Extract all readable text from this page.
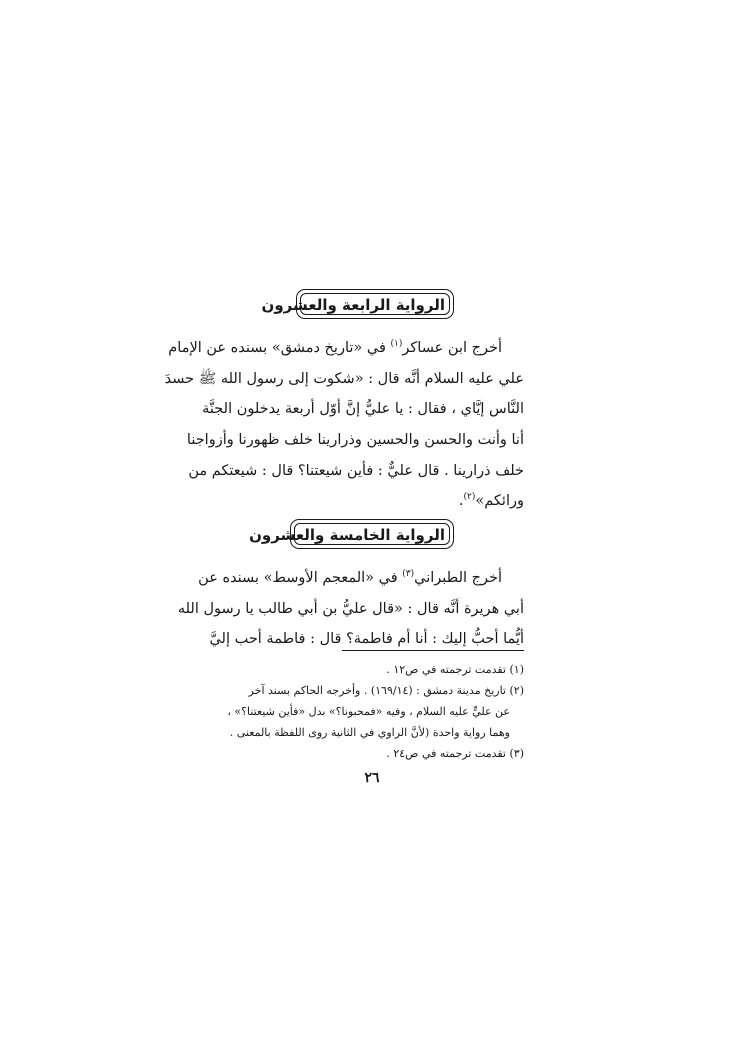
الرواية الرابعة والعشرون
أخرج ابن عساكر$^{(١)}$ في «تاريخ دمشق» بسنده عن الإمام
علي عليه السلام أنَّه قال : «شكوت إلى رسول الله ﷺ حسدَ
النَّاس إيَّاي ، فقال : يا عليُّ إنَّ أوّل أربعة يدخلون الجنَّة
أنا وأنت والحسن والحسين وذرارينا خلف ظهورنا وأزواجنا
خلف ذرارينا . قال عليٌّ : فأين شيعتنا؟ قال : شيعتكم من
ورائكم»$^{(٢)}$.
الرواية الخامسة والعشرون
أخرج الطبراني$^{(٣)}$ في «المعجم الأوسط» بسنده عن
أبي هريرة أنَّه قال : «قال عليُّ بن أبي طالب يا رسول الله
أيُّما أحبُّ إليك : أنا أم فاطمة؟ قال : فاطمة أحب إليَّ
(١) تقدمت ترجمته في ص١٢ .
(٢) تاريخ مدينة دمشق : (١٦٩/١٤) . وأخرجه الحاكم بسند آخر
عن عليٍّ عليه السلام ، وفيه «فمحبونا؟» بدل «فأين شيعتنا؟» ،
وهما رواية واحدة (لأنَّ الراوي في الثانية روى اللفظة بالمعنى .
(٣) تقدمت ترجمته في ص٢٤ .
٢٦
